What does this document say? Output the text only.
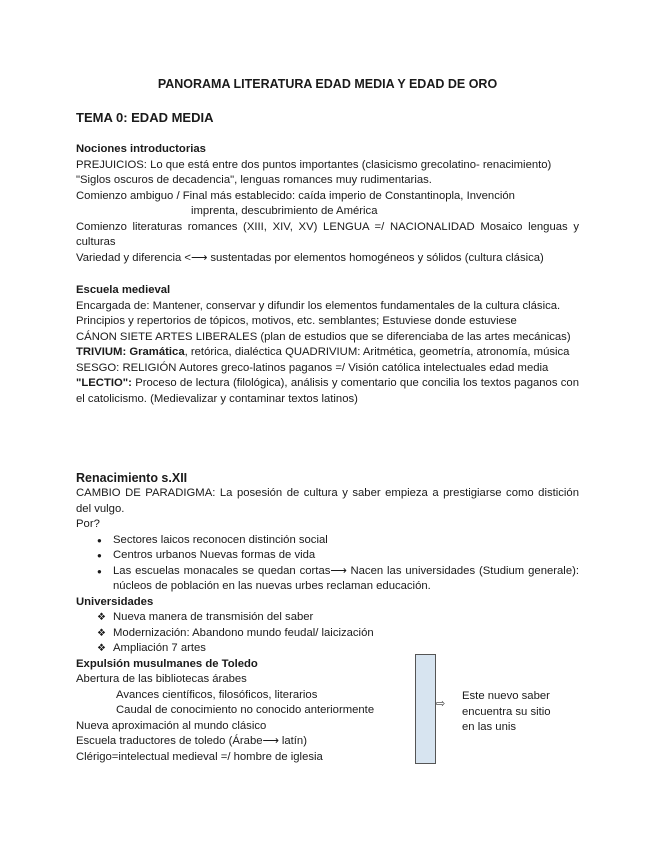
PANORAMA LITERATURA EDAD MEDIA Y EDAD DE ORO
TEMA 0: EDAD MEDIA

Nociones introductorias

PREJUICIOS: Lo que está entre dos puntos importantes (clasicismo grecolatino- renacimiento)

"Siglos oscuros de decadencia", lenguas romances muy rudimentarias.

Comienzo ambiguo / Final más establecido: caída imperio de Constantinopla, Invención

imprenta, descubrimiento de América

Comienzo literaturas romances (XIII, XIV, XV) LENGUA =/ NACIONALIDAD Mosaico lenguas y culturas

Variedad y diferencia <⟶ sustentadas por elementos homogéneos y sólidos (cultura clásica)

Escuela medieval

Encargada de: Mantener, conservar y difundir los elementos fundamentales de la cultura clásica.

Principios y repertorios de tópicos, motivos, etc. semblantes; Estuviese donde estuviese

CÁNON SIETE ARTES LIBERALES (plan de estudios que se diferenciaba de las artes mecánicas)

TRIVIUM: Gramática, retórica, dialéctica QUADRIVIUM: Aritmética, geometría, atronomía, música

SESGO: RELIGIÓN Autores greco-latinos paganos =/ Visión católica intelectuales edad media

"LECTIO": Proceso de lectura (filológica), análisis y comentario que concilia los textos paganos con el catolicismo. (Medievalizar y contaminar textos latinos)

Renacimiento s.XII

CAMBIO DE PARADIGMA: La posesión de cultura y saber empieza a prestigiarse como distición del vulgo.

Por?

● Sectores laicos reconocen distinción social
● Centros urbanos Nuevas formas de vida
● Las escuelas monacales se quedan cortas⟶ Nacen las universidades (Studium generale): núcleos de población en las nuevas urbes reclaman educación.

Universidades

❖ Nueva manera de transmisión del saber
❖ Modernización: Abandono mundo feudal/ laicización
❖ Ampliación 7 artes

Expulsión musulmanes de Toledo

Abertura de las bibliotecas árabes

Avances científicos, filosóficos, literarios

Caudal de conocimiento no conocido anteriormente

Nueva aproximación al mundo clásico

Escuela traductores de toledo (Árabe⟶ latín)

Clérigo=intelectual medieval =/ hombre de iglesia

⇨

Este nuevo saber

encuentra su sitio

en las unis
